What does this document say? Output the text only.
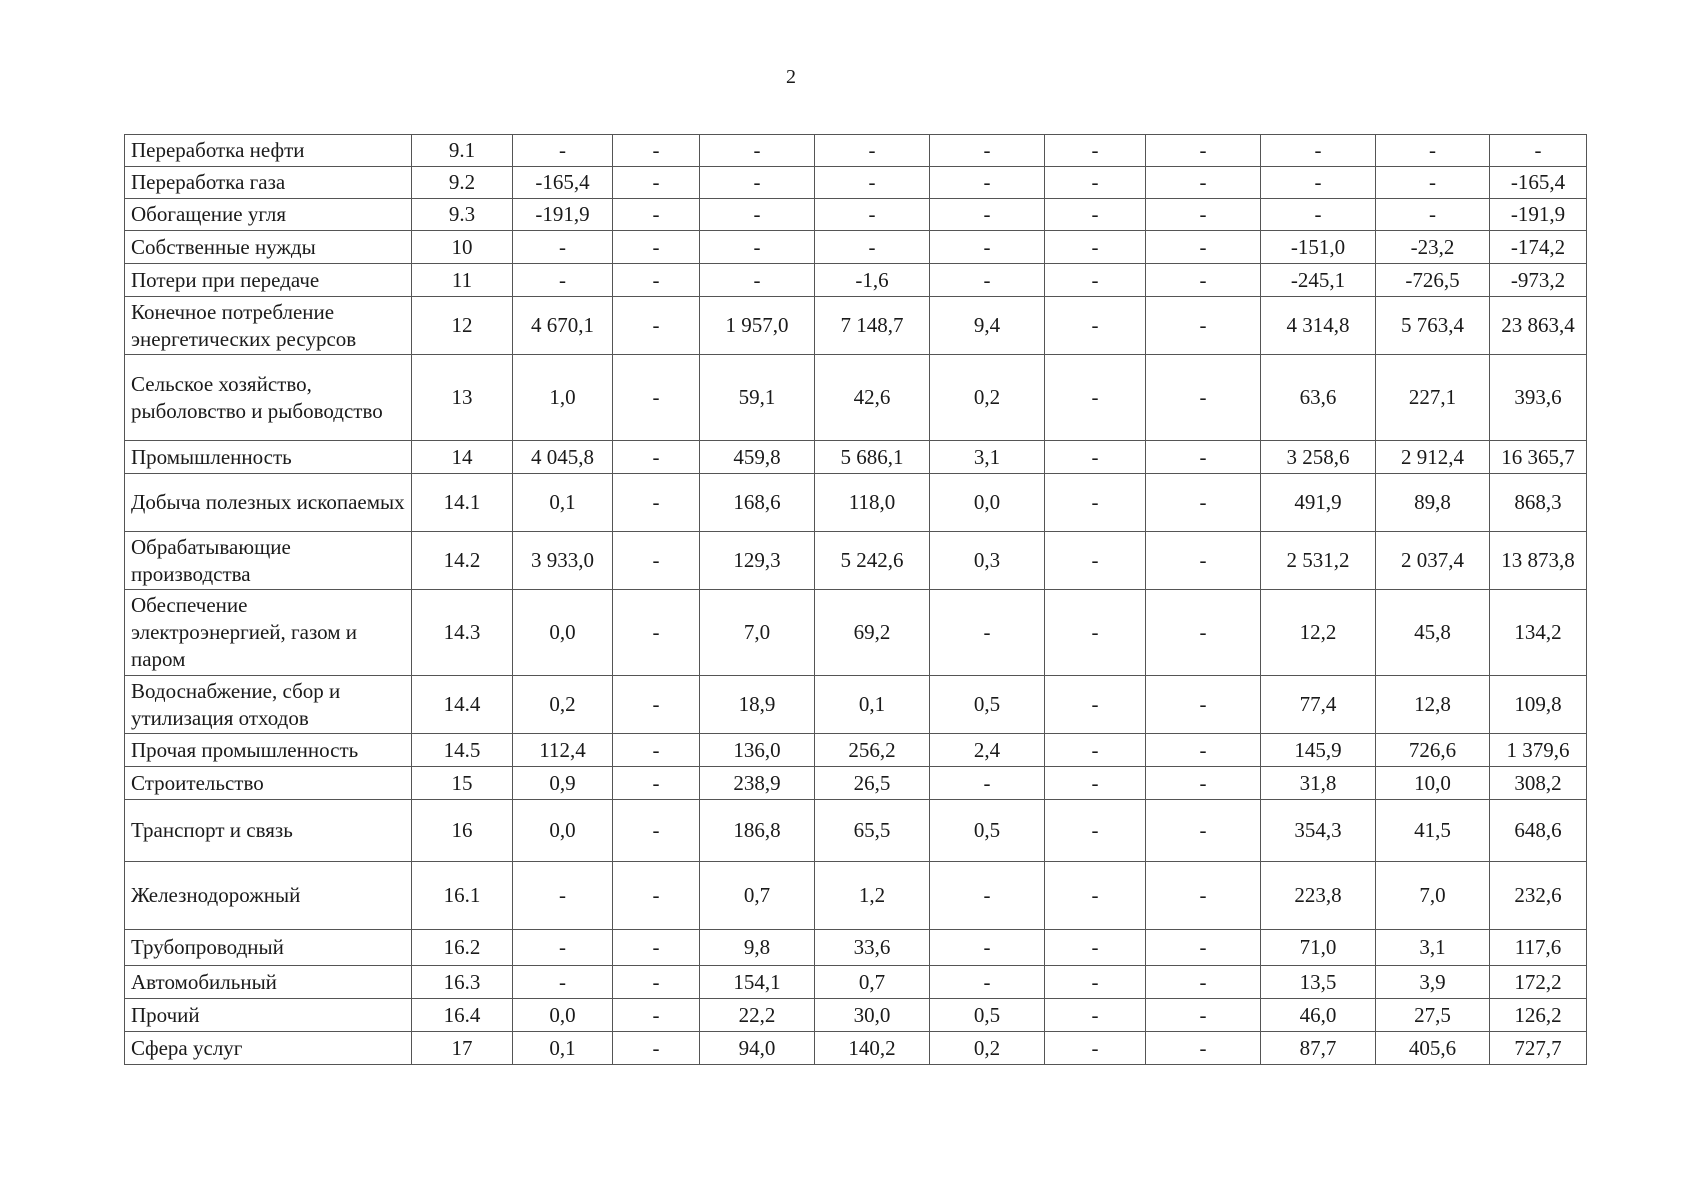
2
Переработка нефти	9.1	-	-	-	-	-	-	-	-	-	-
Переработка газа	9.2	-165,4	-	-	-	-	-	-	-	-	-165,4
Обогащение угля	9.3	-191,9	-	-	-	-	-	-	-	-	-191,9
Собственные нужды	10	-	-	-	-	-	-	-	-151,0	-23,2	-174,2
Потери при передаче	11	-	-	-	-1,6	-	-	-	-245,1	-726,5	-973,2
Конечное потребление энергетических ресурсов	12	4 670,1	-	1 957,0	7 148,7	9,4	-	-	4 314,8	5 763,4	23 863,4
Сельское хозяйство, рыболовство и рыбоводство	13	1,0	-	59,1	42,6	0,2	-	-	63,6	227,1	393,6
Промышленность	14	4 045,8	-	459,8	5 686,1	3,1	-	-	3 258,6	2 912,4	16 365,7
Добыча полезных ископаемых	14.1	0,1	-	168,6	118,0	0,0	-	-	491,9	89,8	868,3
Обрабатывающие производства	14.2	3 933,0	-	129,3	5 242,6	0,3	-	-	2 531,2	2 037,4	13 873,8
Обеспечение электроэнергией, газом и паром	14.3	0,0	-	7,0	69,2	-	-	-	12,2	45,8	134,2
Водоснабжение, сбор и утилизация отходов	14.4	0,2	-	18,9	0,1	0,5	-	-	77,4	12,8	109,8
Прочая промышленность	14.5	112,4	-	136,0	256,2	2,4	-	-	145,9	726,6	1 379,6
Строительство	15	0,9	-	238,9	26,5	-	-	-	31,8	10,0	308,2
Транспорт и связь	16	0,0	-	186,8	65,5	0,5	-	-	354,3	41,5	648,6
Железнодорожный	16.1	-	-	0,7	1,2	-	-	-	223,8	7,0	232,6
Трубопроводный	16.2	-	-	9,8	33,6	-	-	-	71,0	3,1	117,6
Автомобильный	16.3	-	-	154,1	0,7	-	-	-	13,5	3,9	172,2
Прочий	16.4	0,0	-	22,2	30,0	0,5	-	-	46,0	27,5	126,2
Сфера услуг	17	0,1	-	94,0	140,2	0,2	-	-	87,7	405,6	727,7
